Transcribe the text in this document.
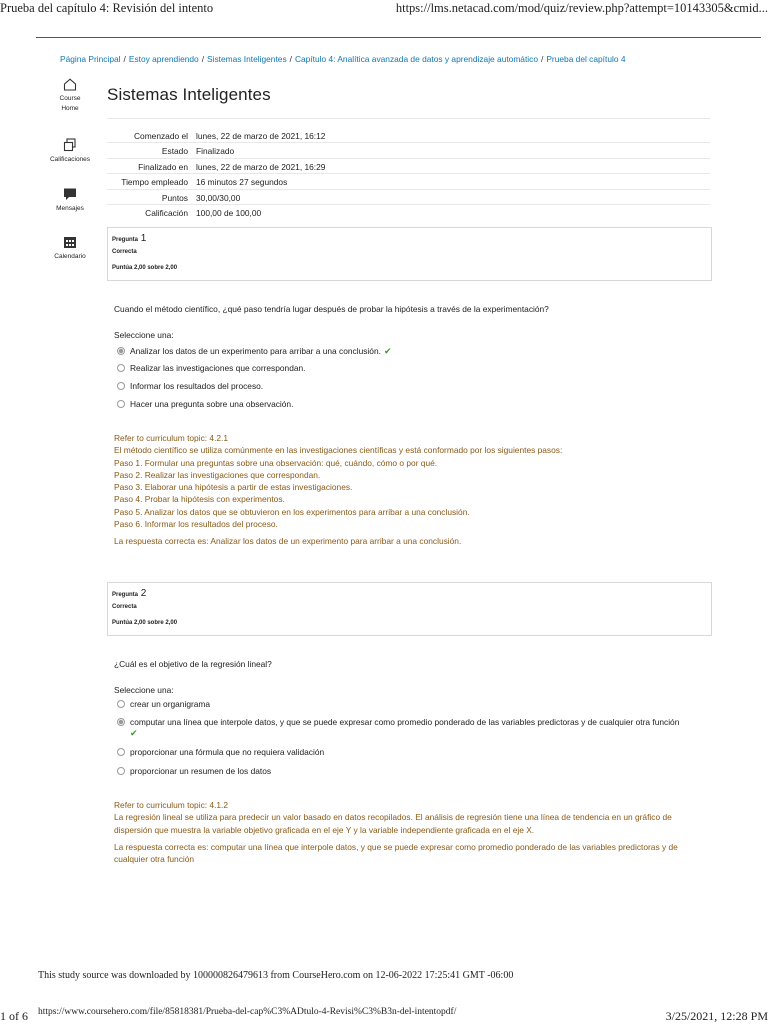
Prueba del capítulo 4: Revisión del intento	https://lms.netacad.com/mod/quiz/review.php?attempt=10143305&cmid...
Página Principal / Estoy aprendiendo / Sistemas Inteligentes / Capítulo 4: Analítica avanzada de datos y aprendizaje automático / Prueba del capítulo 4
Course Home
Calificaciones
Mensajes
Calendario
Sistemas Inteligentes
Comenzado el lunes, 22 de marzo de 2021, 16:12
Estado Finalizado
Finalizado en lunes, 22 de marzo de 2021, 16:29
Tiempo empleado 16 minutos 27 segundos
Puntos 30,00/30,00
Calificación 100,00 de 100,00
Pregunta 1
Correcta
Puntúa 2,00 sobre 2,00
Cuando el método científico, ¿qué paso tendría lugar después de probar la hipótesis a través de la experimentación?
Seleccione una:
Analizar los datos de un experimento para arribar a una conclusión. ✔
Realizar las investigaciones que correspondan.
Informar los resultados del proceso.
Hacer una pregunta sobre una observación.
Refer to curriculum topic: 4.2.1
El método científico se utiliza comúnmente en las investigaciones científicas y está conformado por los siguientes pasos:
Paso 1. Formular una preguntas sobre una observación: qué, cuándo, cómo o por qué.
Paso 2. Realizar las investigaciones que correspondan.
Paso 3. Elaborar una hipótesis a partir de estas investigaciones.
Paso 4. Probar la hipótesis con experimentos.
Paso 5. Analizar los datos que se obtuvieron en los experimentos para arribar a una conclusión.
Paso 6. Informar los resultados del proceso.
La respuesta correcta es: Analizar los datos de un experimento para arribar a una conclusión.
Pregunta 2
Correcta
Puntúa 2,00 sobre 2,00
¿Cuál es el objetivo de la regresión lineal?
Seleccione una:
crear un organigrama
computar una línea que interpole datos, y que se puede expresar como promedio ponderado de las variables predictoras y de cualquier otra función
✔
proporcionar una fórmula que no requiera validación
proporcionar un resumen de los datos
Refer to curriculum topic: 4.1.2
La regresión lineal se utiliza para predecir un valor basado en datos recopilados. El análisis de regresión tiene una línea de tendencia en un gráfico de dispersión que muestra la variable objetivo graficada en el eje Y y la variable independiente graficada en el eje X.
La respuesta correcta es: computar una línea que interpole datos, y que se puede expresar como promedio ponderado de las variables predictoras y de cualquier otra función
This study source was downloaded by 100000826479613 from CourseHero.com on 12-06-2022 17:25:41 GMT -06:00
1 of 6 https://www.coursehero.com/file/85818381/Prueba-del-cap%C3%ADtulo-4-Revisi%C3%B3n-del-intentopdf/	3/25/2021, 12:28 PM
